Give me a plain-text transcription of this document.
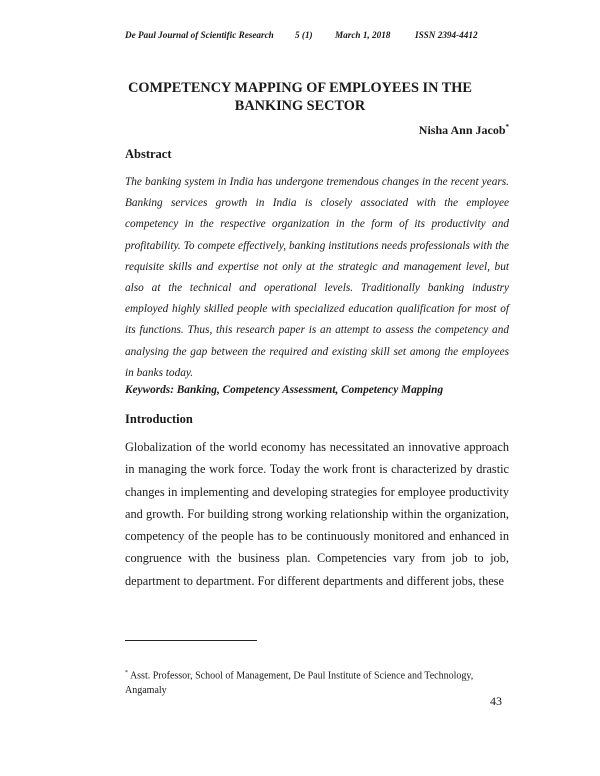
De Paul Journal of Scientific Research	5 (1)	March 1, 2018	ISSN 2394-4412
COMPETENCY MAPPING OF EMPLOYEES IN THE BANKING SECTOR
Nisha Ann Jacob*
Abstract

The banking system in India has undergone tremendous changes in the recent years. Banking services growth in India is closely associated with the employee competency in the respective organization in the form of its productivity and profitability. To compete effectively, banking institutions needs professionals with the requisite skills and expertise not only at the strategic and management level, but also at the technical and operational levels. Traditionally banking industry employed highly skilled people with specialized education qualification for most of its functions. Thus, this research paper is an attempt to assess the competency and analysing the gap between the required and existing skill set among the employees in banks today.

Keywords: Banking, Competency Assessment, Competency Mapping
Introduction

Globalization of the world economy has necessitated an innovative approach in managing the work force. Today the work front is characterized by drastic changes in implementing and developing strategies for employee productivity and growth. For building strong working relationship within the organization, competency of the people has to be continuously monitored and enhanced in congruence with the business plan. Competencies vary from job to job, department to department. For different departments and different jobs, these

* Asst. Professor, School of Management, De Paul Institute of Science and Technology, Angamaly
43
